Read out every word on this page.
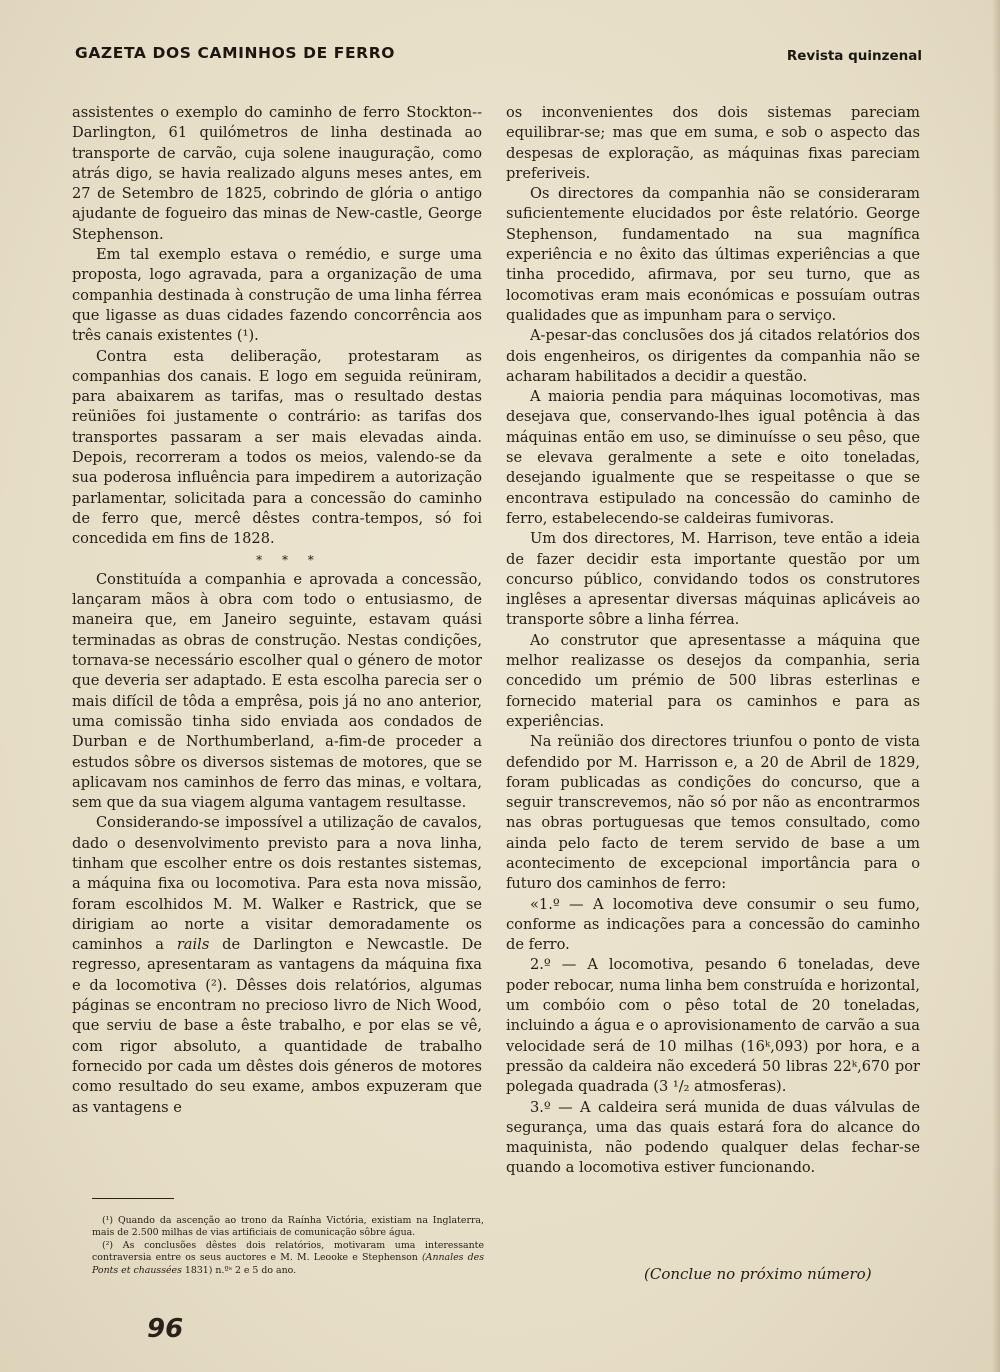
GAZETA DOS CAMINHOS DE FERRO	Revista quinzenal

assistentes o exemplo do caminho de ferro Stockton--Darlington, 61 quilómetros de linha destinada ao transporte de carvão, cuja solene inauguração, como atrás digo, se havia realizado alguns meses antes, em 27 de Setembro de 1825, cobrindo de glória o antigo ajudante de fogueiro das minas de New-castle, George Stephenson.

Em tal exemplo estava o remédio, e surge uma proposta, logo agravada, para a organização de uma companhia destinada à construção de uma linha férrea que ligasse as duas cidades fazendo concorrência aos três canais existentes (¹).

Contra esta deliberação, protestaram as companhias dos canais. E logo em seguida reüniram, para abaixarem as tarifas, mas o resultado destas reüniões foi justamente o contrário: as tarifas dos transportes passaram a ser mais elevadas ainda. Depois, recorreram a todos os meios, valendo-se da sua poderosa influência para impedirem a autorização parlamentar, solicitada para a concessão do caminho de ferro que, mercê dêstes contra-tempos, só foi concedida em fins de 1828.

* * *

Constituída a companhia e aprovada a concessão, lançaram mãos à obra com todo o entusiasmo, de maneira que, em Janeiro seguinte, estavam quási terminadas as obras de construção. Nestas condições, tornava-se necessário escolher qual o género de motor que deveria ser adaptado. E esta escolha parecia ser o mais difícil de tôda a emprêsa, pois já no ano anterior, uma comissão tinha sido enviada aos condados de Durban e de Northumberland, a-fim-de proceder a estudos sôbre os diversos sistemas de motores, que se aplicavam nos caminhos de ferro das minas, e voltara, sem que da sua viagem alguma vantagem resultasse.

Considerando-se impossível a utilização de cavalos, dado o desenvolvimento previsto para a nova linha, tinham que escolher entre os dois restantes sistemas, a máquina fixa ou locomotiva. Para esta nova missão, foram escolhidos M. M. Walker e Rastrick, que se dirigiam ao norte a visitar demoradamente os caminhos a rails de Darlington e Newcastle. De regresso, apresentaram as vantagens da máquina fixa e da locomotiva (²). Dêsses dois relatórios, algumas páginas se encontram no precioso livro de Nich Wood, que serviu de base a êste trabalho, e por elas se vê, com rigor absoluto, a quantidade de trabalho fornecido por cada um dêstes dois géneros de motores como resultado do seu exame, ambos expuzeram que as vantagens e

os inconvenientes dos dois sistemas pareciam equilibrar-se; mas que em suma, e sob o aspecto das despesas de exploração, as máquinas fixas pareciam preferiveis.

Os directores da companhia não se consideraram suficientemente elucidados por êste relatório. George Stephenson, fundamentado na sua magnífica experiência e no êxito das últimas experiências a que tinha procedido, afirmava, por seu turno, que as locomotivas eram mais económicas e possuíam outras qualidades que as impunham para o serviço.

A-pesar-das conclusões dos já citados relatórios dos dois engenheiros, os dirigentes da companhia não se acharam habilitados a decidir a questão.

A maioria pendia para máquinas locomotivas, mas desejava que, conservando-lhes igual potência à das máquinas então em uso, se diminuísse o seu pêso, que se elevava geralmente a sete e oito toneladas, desejando igualmente que se respeitasse o que se encontrava estipulado na concessão do caminho de ferro, estabelecendo-se caldeiras fumivoras.

Um dos directores, M. Harrison, teve então a ideia de fazer decidir esta importante questão por um concurso público, convidando todos os construtores inglêses a apresentar diversas máquinas aplicáveis ao transporte sôbre a linha férrea.

Ao construtor que apresentasse a máquina que melhor realizasse os desejos da companhia, seria concedido um prémio de 500 libras esterlinas e fornecido material para os caminhos e para as experiências.

Na reünião dos directores triunfou o ponto de vista defendido por M. Harrisson e, a 20 de Abril de 1829, foram publicadas as condições do concurso, que a seguir transcrevemos, não só por não as encontrarmos nas obras portuguesas que temos consultado, como ainda pelo facto de terem servido de base a um acontecimento de excepcional importância para o futuro dos caminhos de ferro:

«1.º — A locomotiva deve consumir o seu fumo, conforme as indicações para a concessão do caminho de ferro.

2.º — A locomotiva, pesando 6 toneladas, deve poder rebocar, numa linha bem construída e horizontal, um combóio com o pêso total de 20 toneladas, incluindo a água e o aprovisionamento de carvão a sua velocidade será de 10 milhas (16ᵏ,093) por hora, e a pressão da caldeira não excederá 50 libras 22ᵏ,670 por polegada quadrada (3 ¹/₂ atmosferas).

3.º — A caldeira será munida de duas válvulas de segurança, uma das quais estará fora do alcance do maquinista, não podendo qualquer delas fechar-se quando a locomotiva estiver funcionando.

(¹) Quando da ascenção ao trono da Raínha Victória, existiam na Inglaterra, mais de 2.500 milhas de vias artificiais de comunicação sôbre água.

(²) As conclusões dêstes dois relatórios, motivaram uma interessante contraversia entre os seus auctores e M. M. Leooke e Stephenson (Annales des Ponts et chaussées 1831) n.ºˢ 2 e 5 do ano.	(Conclue no próximo número)
96
